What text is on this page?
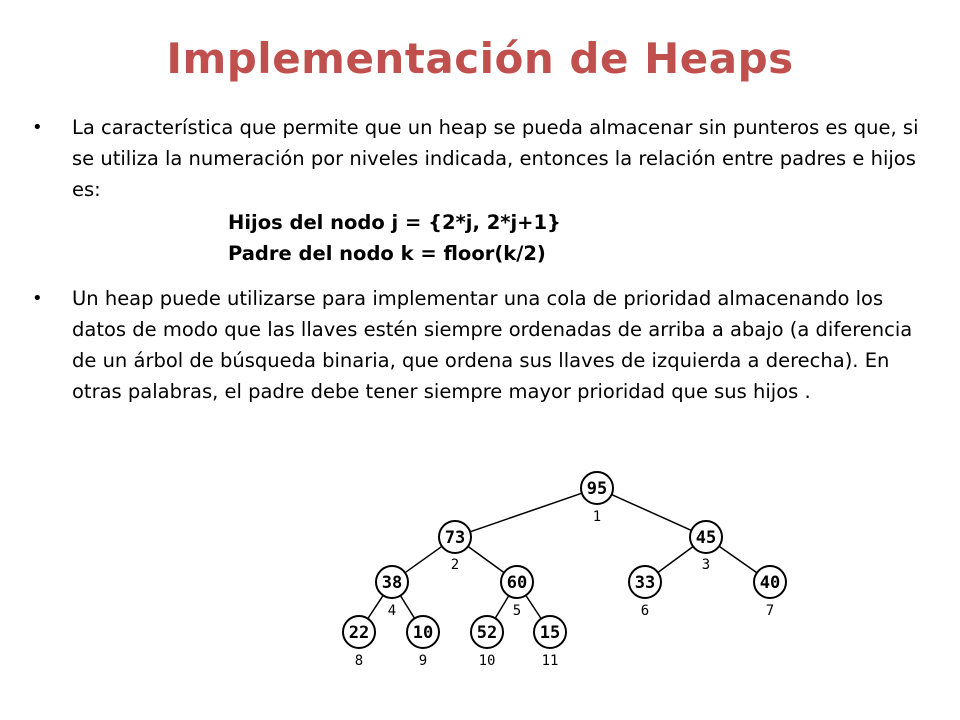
Implementación de Heaps
• La característica que permite que un heap se pueda almacenar sin punteros es que, si se utiliza la numeración por niveles indicada, entonces la relación entre padres e hijos es:
Hijos del nodo j = {2*j, 2*j+1}
Padre del nodo k = floor(k/2)
• Un heap puede utilizarse para implementar una cola de prioridad almacenando los datos de modo que las llaves estén siempre ordenadas de arriba a abajo (a diferencia de un árbol de búsqueda binaria, que ordena sus llaves de izquierda a derecha). En otras palabras, el padre debe tener siempre mayor prioridad que sus hijos .
95
1
73
2
45
3
38
4
60
5
33
6
40
7
22
8
10
9
52
10
15
11
